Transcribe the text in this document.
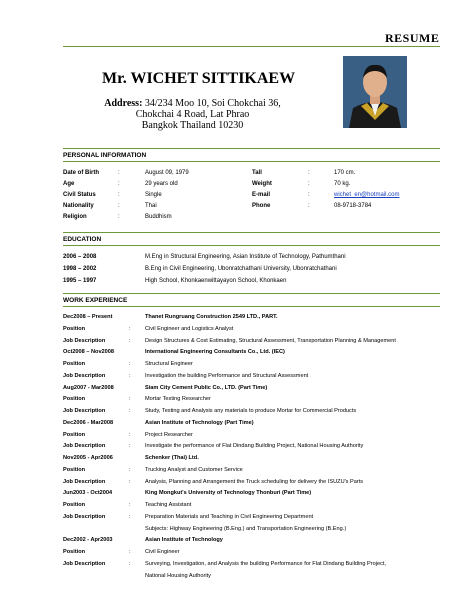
RESUME
Mr. WICHET SITTIKAEW
Address: 34/234 Moo 10, Soi Chokchai 36,
Chokchai 4 Road, Lat Phrao
Bangkok Thailand 10230
PERSONAL INFORMATION
Date of Birth	:	August 09, 1979	Tall	:	170 cm.
Age	:	29 years old	Weight	:	70 kg.
Civil Status	:	Single	E-mail	:	wichet_en@hotmail.com
Nationality	:	Thai	Phone	:	08-9718-3784
Religion	:	Buddhism
EDUCATION
2006 – 2008	M.Eng in Structural Engineering, Asian Institute of Technology, Pathumthani
1998 – 2002	B.Eng in Civil Engineering, Ubonratchathani University, Ubonratchathani
1995 – 1997	High School, Khonkaenwittayayon School, Khonkaen
WORK EXPERIENCE
Dec2008 – Present	Thanet Rungruang Construction 2549 LTD., PART.
Position	:	Civil Engineer and Logistics Analyst
Job Description	:	Design Structures & Cost Estimating, Structural Assessment, Transportation Planning & Management
Oct2008 – Nov2008	International Engineering Consultants Co., Ltd. (IEC)
Position	:	Structural Engineer
Job Description	:	Investigation the building Performance and Structural Assessment
Aug2007 - Mar2008	Siam City Cement Public Co., LTD. (Part Time)
Position	:	Mortar Testing Researcher
Job Description	:	Study, Testing and Analysis any materials to produce Mortar for Commercial Products
Dec2006 - Mar2008	Asian Institute of Technology (Part Time)
Position	:	Project Researcher
Job Description	:	Investigate the performance of Flat Dindang Building Project, National Housing Authority
Nov2005 - Apr2006	Schenker (Thai) Ltd.
Position	:	Trucking Analyst and Customer Service
Job Description	:	Analysis, Planning and Arrangement the Truck scheduling for delivery the ISUZU's Parts
Jun2003 - Oct2004	King Mongkut's University of Technology Thonburi (Part Time)
Position	:	Teaching Assistant
Job Description	:	Preparation Materials and Teaching in Civil Engineering Department
Subjects: Highway Engineering (B.Eng.) and Transportation Engineering (B.Eng.)
Dec2002 - Apr2003	Asian Institute of Technology
Position	:	Civil Engineer
Job Description	:	Surveying, Investigation, and Analysis the building Performance for Flat Dindang Building Project,
National Housing Authority
